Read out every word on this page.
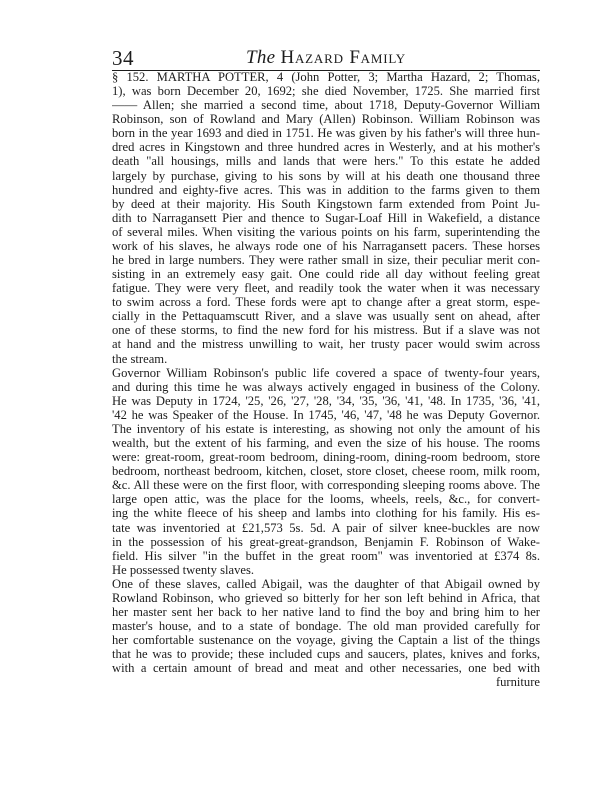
34	The Hazard Family
§ 152. MARTHA POTTER, 4 (John Potter, 3; Martha Hazard, 2; Thomas,
1), was born December 20, 1692; she died November, 1725. She married first
—— Allen; she married a second time, about 1718, Deputy-Governor William
Robinson, son of Rowland and Mary (Allen) Robinson. William Robinson was
born in the year 1693 and died in 1751. He was given by his father's will three hun-
dred acres in Kingstown and three hundred acres in Westerly, and at his mother's
death "all housings, mills and lands that were hers." To this estate he added
largely by purchase, giving to his sons by will at his death one thousand three
hundred and eighty-five acres. This was in addition to the farms given to them
by deed at their majority. His South Kingstown farm extended from Point Ju-
dith to Narragansett Pier and thence to Sugar-Loaf Hill in Wakefield, a distance
of several miles. When visiting the various points on his farm, superintending the
work of his slaves, he always rode one of his Narragansett pacers. These horses
he bred in large numbers. They were rather small in size, their peculiar merit con-
sisting in an extremely easy gait. One could ride all day without feeling great
fatigue. They were very fleet, and readily took the water when it was necessary
to swim across a ford. These fords were apt to change after a great storm, espe-
cially in the Pettaquamscutt River, and a slave was usually sent on ahead, after
one of these storms, to find the new ford for his mistress. But if a slave was not
at hand and the mistress unwilling to wait, her trusty pacer would swim across
the stream.
Governor William Robinson's public life covered a space of twenty-four years,
and during this time he was always actively engaged in business of the Colony.
He was Deputy in 1724, '25, '26, '27, '28, '34, '35, '36, '41, '48. In 1735, '36, '41,
'42 he was Speaker of the House. In 1745, '46, '47, '48 he was Deputy Governor.
The inventory of his estate is interesting, as showing not only the amount of his
wealth, but the extent of his farming, and even the size of his house. The rooms
were: great-room, great-room bedroom, dining-room, dining-room bedroom, store
bedroom, northeast bedroom, kitchen, closet, store closet, cheese room, milk room,
&c. All these were on the first floor, with corresponding sleeping rooms above. The
large open attic, was the place for the looms, wheels, reels, &c., for convert-
ing the white fleece of his sheep and lambs into clothing for his family. His es-
tate was inventoried at £21,573 5s. 5d. A pair of silver knee-buckles are now
in the possession of his great-great-grandson, Benjamin F. Robinson of Wake-
field. His silver "in the buffet in the great room" was inventoried at £374 8s.
He possessed twenty slaves.
One of these slaves, called Abigail, was the daughter of that Abigail owned by
Rowland Robinson, who grieved so bitterly for her son left behind in Africa, that
her master sent her back to her native land to find the boy and bring him to her
master's house, and to a state of bondage. The old man provided carefully for
her comfortable sustenance on the voyage, giving the Captain a list of the things
that he was to provide; these included cups and saucers, plates, knives and forks,
with a certain amount of bread and meat and other necessaries, one bed with
furniture
